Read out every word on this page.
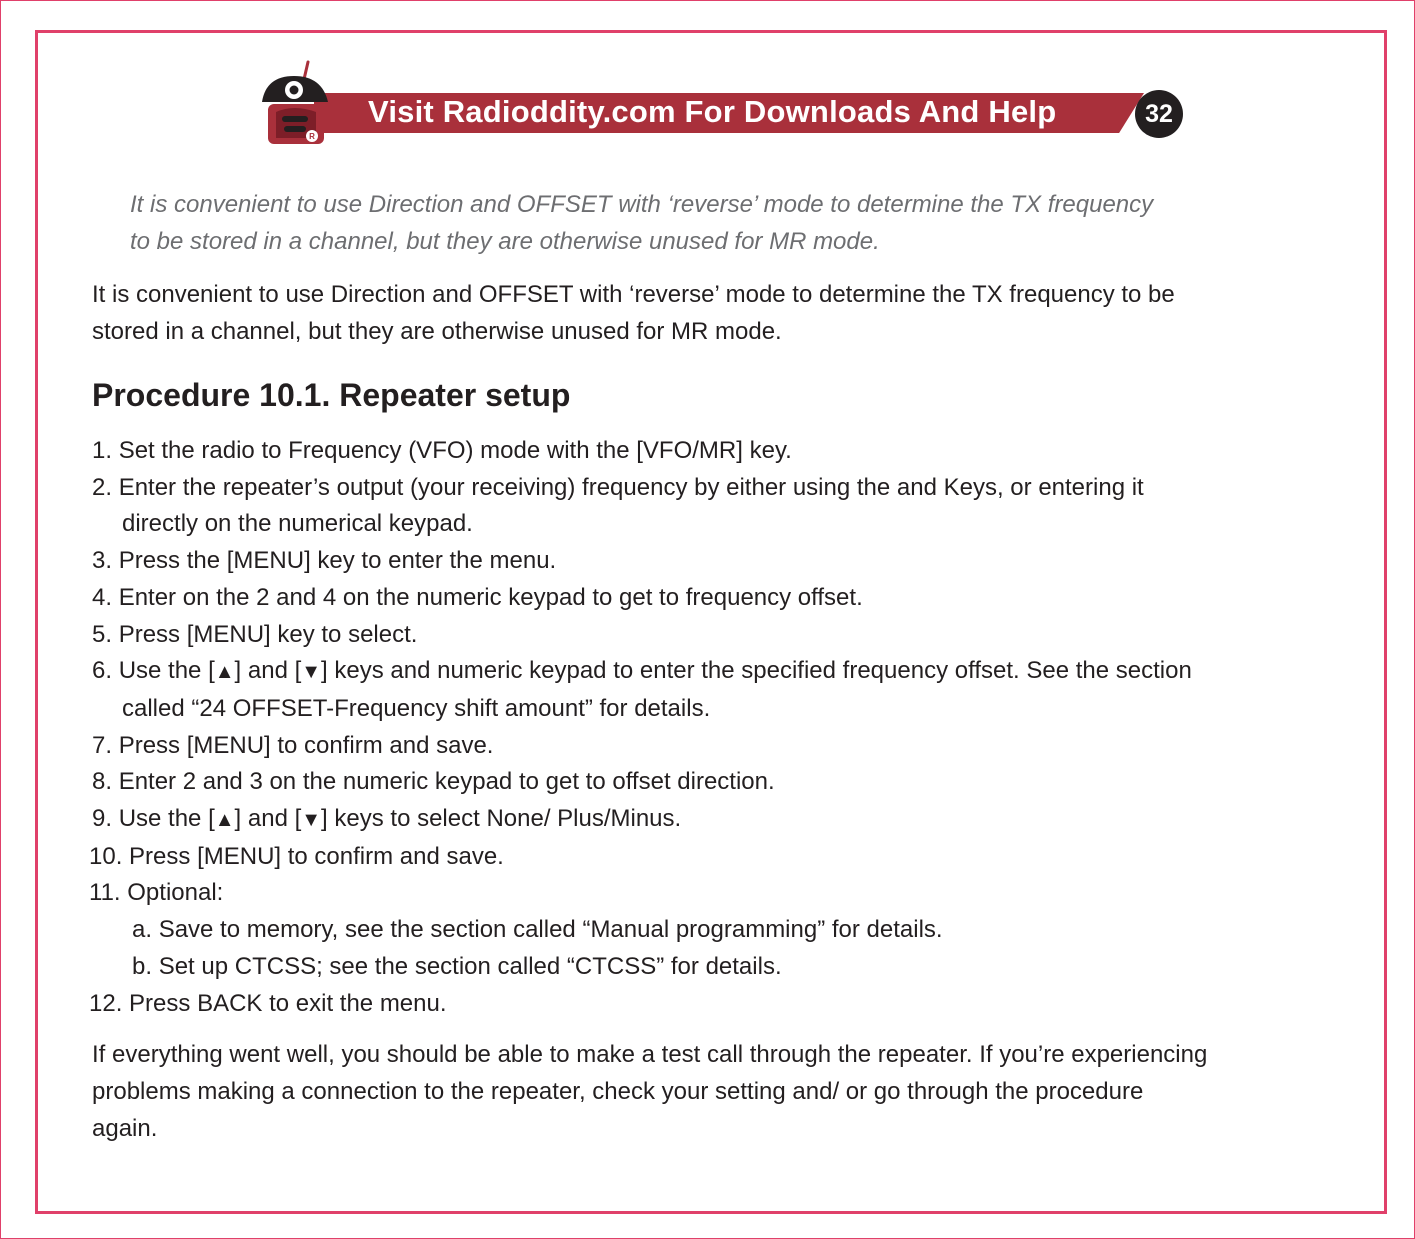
Visit Radioddity.com For Downloads And Help	32
R
It is convenient to use Direction and OFFSET with ‘reverse’ mode to determine the TX frequency
to be stored in a channel, but they are otherwise unused for MR mode.
It is convenient to use Direction and OFFSET with ‘reverse’ mode to determine the TX frequency to be
stored in a channel, but they are otherwise unused for MR mode.
Procedure 10.1. Repeater setup
1. Set the radio to Frequency (VFO) mode with the [VFO/MR] key.
2. Enter the repeater’s output (your receiving) frequency by either using the and Keys, or entering it
directly on the numerical keypad.
3. Press the [MENU] key to enter the menu.
4. Enter on the 2 and 4 on the numeric keypad to get to frequency offset.
5. Press [MENU] key to select.
6. Use the [▲] and [▼] keys and numeric keypad to enter the specified frequency offset. See the section
called “24 OFFSET-Frequency shift amount” for details.
7. Press [MENU] to confirm and save.
8. Enter 2 and 3 on the numeric keypad to get to offset direction.
9. Use the [▲] and [▼] keys to select None/ Plus/Minus.
10. Press [MENU] to confirm and save.
11. Optional:
a. Save to memory, see the section called “Manual programming” for details.
b. Set up CTCSS; see the section called “CTCSS” for details.
12. Press BACK to exit the menu.
If everything went well, you should be able to make a test call through the repeater. If you’re experiencing
problems making a connection to the repeater, check your setting and/ or go through the procedure
again.
